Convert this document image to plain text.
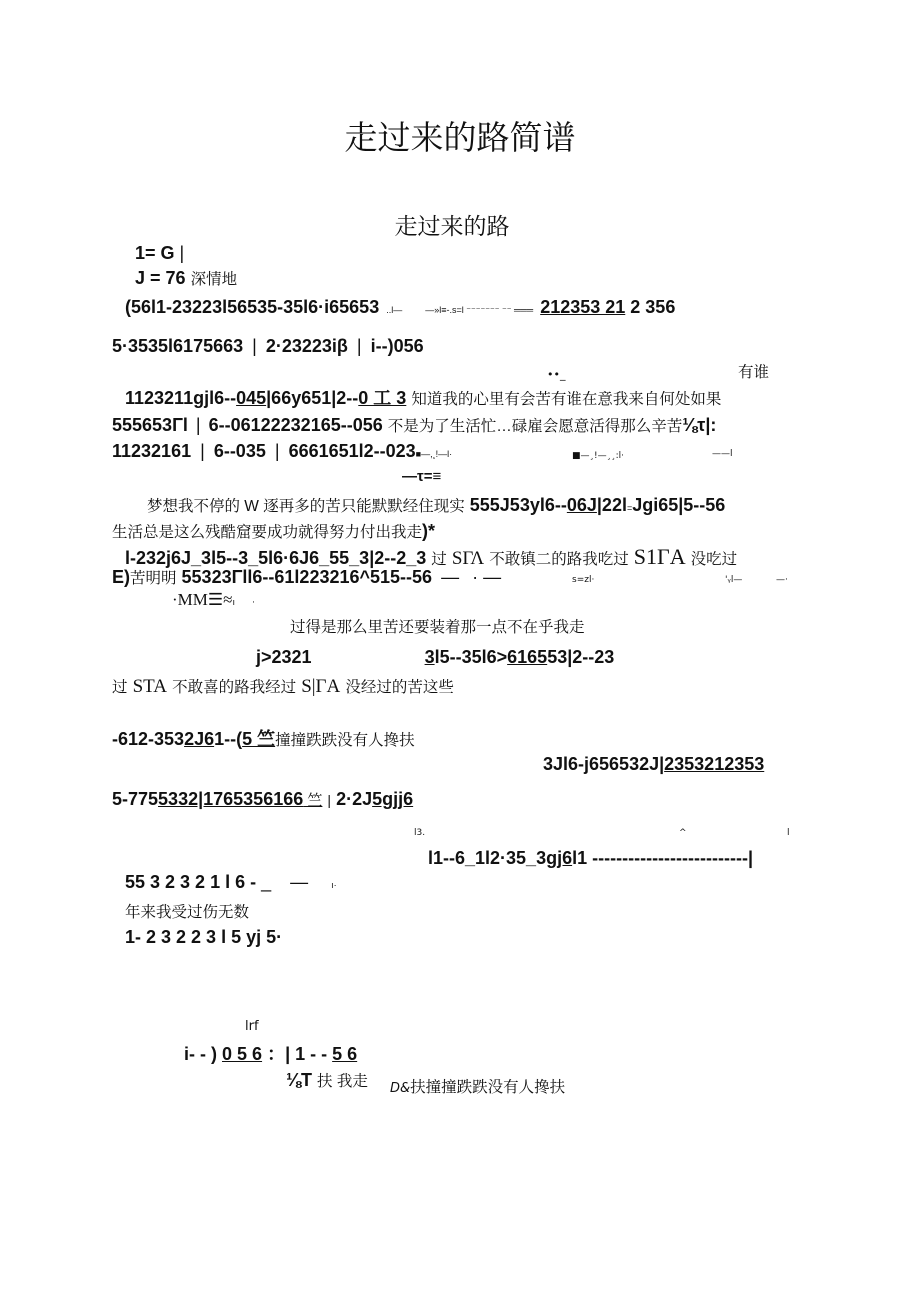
走过来的路简谱
走过来的路
1= G |
J = 76 深情地
(56l1-23223l56535-35l6·i65653 ..l—	—»l≡-.s=l ⁻⁻⁻⁻⁻⁻⁻ ⁻⁻ ═══ 212353 21 2 356
5·3535l6175663 | 2·23223iβ | i--)056
••_	有谁
1123211gjl6--045|66y651|2--0 工 3 知道我的心里有会苦有谁在意我来自何处如果
555653Γl | 6--06122232165--056 不是为了生活忙…碌雇会愿意活得那么辛苦⅛τ|:
11232161 | 6--035 | 6661651l2--023■—,¸!—l·	■—¸!—¸¸:l·	——l
—τ=≡
梦想我不停的 W 逐再多的苦只能默默经住现实 555J53yl6--06J|22l=Jgi65|5--56
生活总是这么残酷窟要成功就得努力付出我走)*
l-232j6J_3l5--3_5l6·6J6_55_3|2--2_3 过 SΓΛ 不敢镇二的路我吃过 S1ΓA 没吃过
E)苦明明 55323Γll6--61l223216^515--56 — · —	s=zl·	'ᵧl—	—·
·MM☰≈ı ·
过得是那么里苦还要装着那一点不在乎我走
j>2321	3l5--35l6>616553|2--23
过 STA 不敢喜的路我经过 S|ΓA 没经过的苦这些
-612-3532J61--(5 竺撞撞跌跌没有人搀扶
3Jl6-j656532J|2353212353
5-7755332|1765356166 竺 | 2·2J5gjj6
l3.	^	l
l1--6_1l2·35_3gj6l1 --------------------------|
55 3 2 3 2 1 l 6 - _ —	ı·
年来我受过伤无数
1- 2 3 2 2 3 l 5 yj 5·
lrf
i- - ) 0 5 6 ：| 1 - - 5 6
⅛T 扶 我走 D&扶撞撞跌跌没有人搀扶
